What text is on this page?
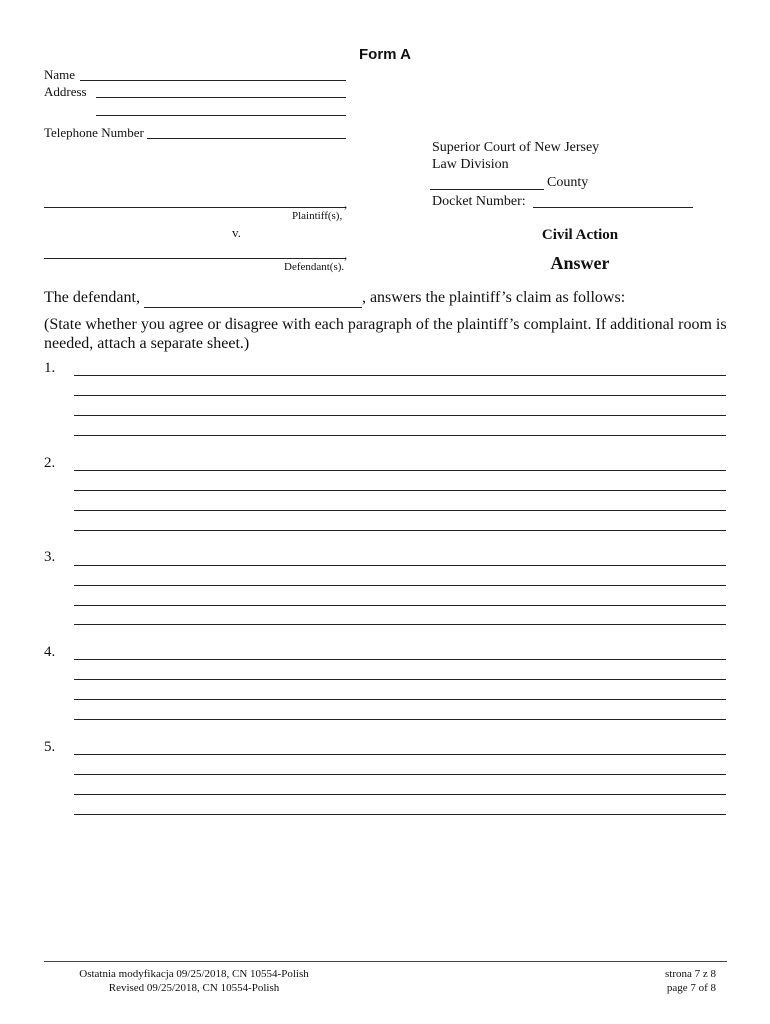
Form A
Name
Address
Telephone Number
Superior Court of New Jersey
Law Division
County
Docket Number:
,
Plaintiff(s),
v.
,
Defendant(s).
Civil Action
Answer
The defendant,	, answers the plaintiff’s claim as follows:
(State whether you agree or disagree with each paragraph of the plaintiff’s complaint. If additional room is needed, attach a separate sheet.)
1.
2.
3.
4.
5.
Ostatnia modyfikacja 09/25/2018, CN 10554-Polish
Revised 09/25/2018, CN 10554-Polish
strona 7 z 8
page 7 of 8
